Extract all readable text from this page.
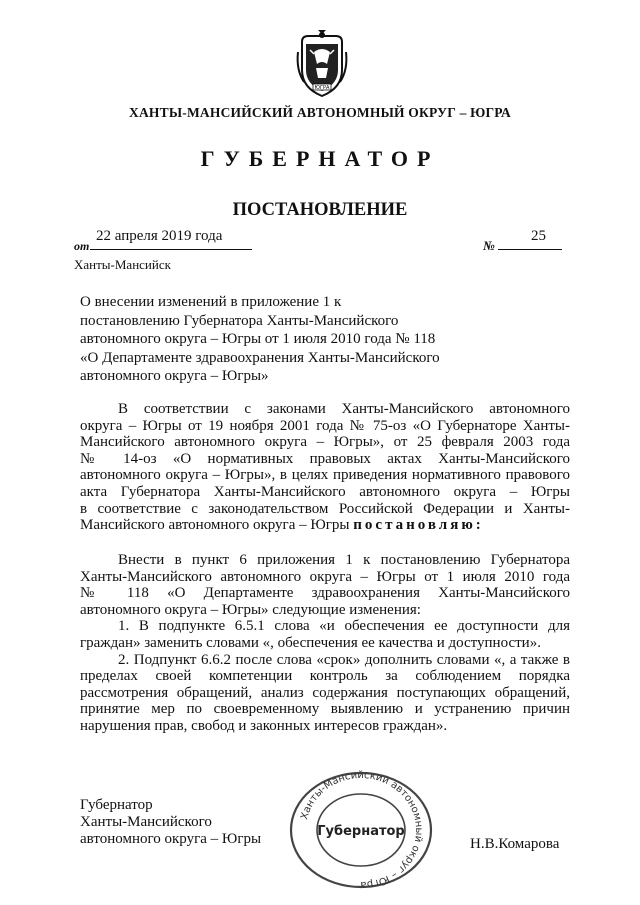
ЮГРА
ХАНТЫ-МАНСИЙСКИЙ АВТОНОМНЫЙ ОКРУГ – ЮГРА
ГУБЕРНАТОР
ПОСТАНОВЛЕНИЕ
от
22 апреля 2019 года
№
25
Ханты-Мансийск
О внесении изменений в приложение 1 к
постановлению Губернатора Ханты-Мансийского
автономного округа – Югры от 1 июля 2010 года № 118
«О Департаменте здравоохранения Ханты-Мансийского
автономного округа – Югры»
В соответствии с законами Ханты-Мансийского автономного
округа – Югры от 19 ноября 2001 года № 75-оз «О Губернаторе Ханты-
Мансийского автономного округа – Югры», от 25 февраля 2003 года
№ 14-оз «О нормативных правовых актах Ханты-Мансийского
автономного округа – Югры», в целях приведения нормативного правового
акта Губернатора Ханты-Мансийского автономного округа – Югры
в соответствие с законодательством Российской Федерации и Ханты-
Мансийского автономного округа – Югры постановляю:
Внести в пункт 6 приложения 1 к постановлению Губернатора
Ханты-Мансийского автономного округа – Югры от 1 июля 2010 года
№ 118 «О Департаменте здравоохранения Ханты-Мансийского
автономного округа – Югры» следующие изменения:
1. В подпункте 6.5.1 слова «и обеспечения ее доступности для
граждан» заменить словами «, обеспечения ее качества и доступности».
2. Подпункт 6.6.2 после слова «срок» дополнить словами «, а также в
пределах своей компетенции контроль за соблюдением порядка
рассмотрения обращений, анализ содержания поступающих обращений,
принятие мер по своевременному выявлению и устранению причин
нарушения прав, свобод и законных интересов граждан».
Губернатор
Ханты-Мансийского
автономного округа – Югры
Ханты-Мансийский автономный округ – Югра
Губернатор
Н.В.Комарова
